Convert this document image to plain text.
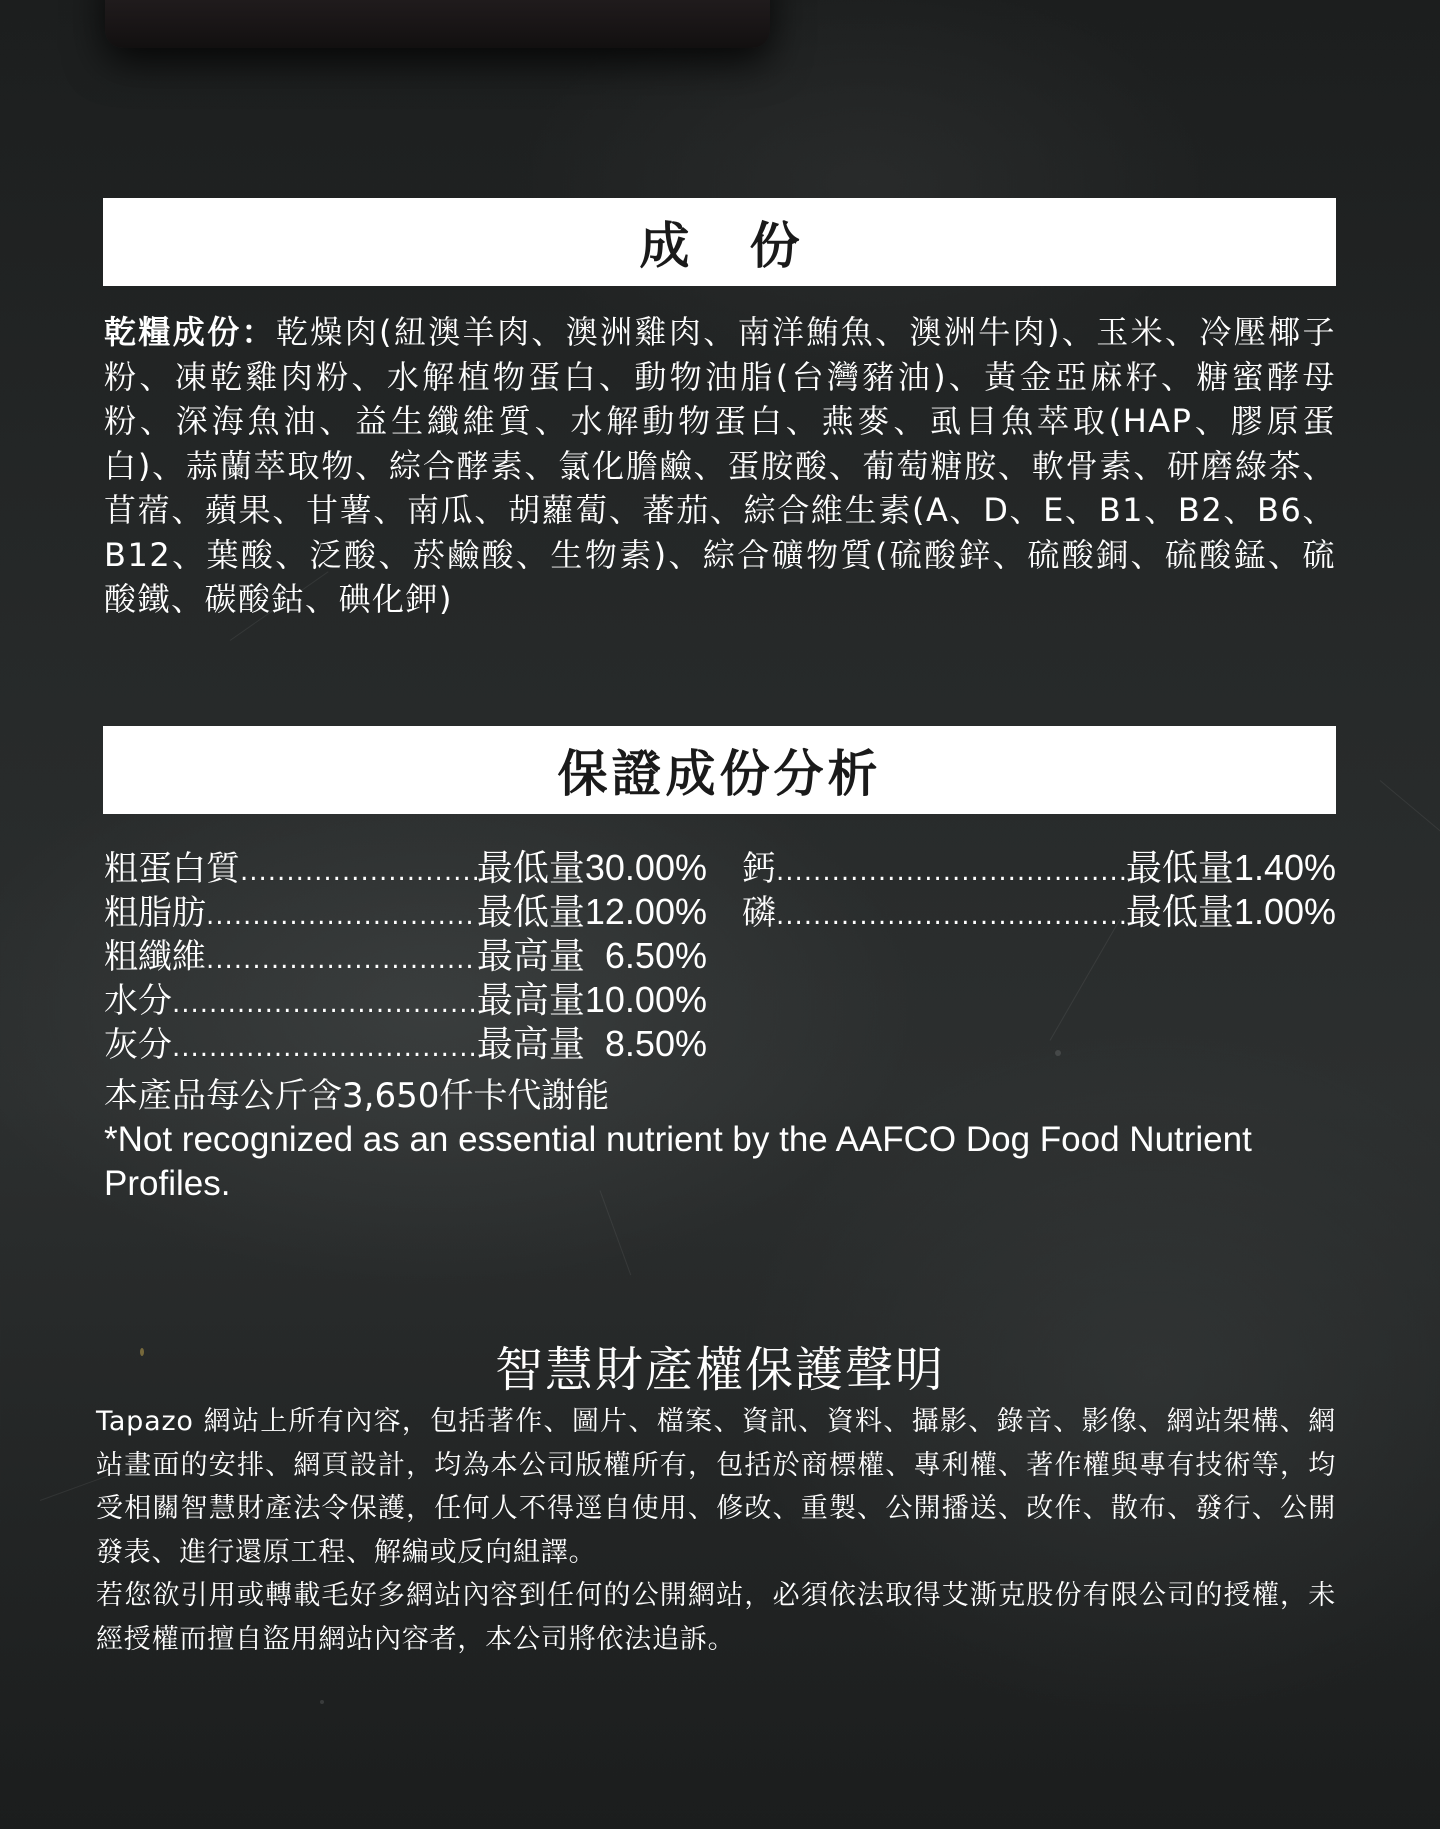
成份
乾糧成份：乾燥肉(紐澳羊肉、澳洲雞肉、南洋鮪魚、澳洲牛肉)、玉米、冷壓椰子粉、凍乾雞肉粉、水解植物蛋白、動物油脂(台灣豬油)、黃金亞麻籽、糖蜜酵母粉、深海魚油、益生纖維質、水解動物蛋白、燕麥、虱目魚萃取(HAP、膠原蛋白)、蒜蘭萃取物、綜合酵素、氯化膽鹼、蛋胺酸、葡萄糖胺、軟骨素、研磨綠茶、苜蓿、蘋果、甘薯、南瓜、胡蘿蔔、蕃茄、綜合維生素(A、D、E、B1、B2、B6、B12、葉酸、泛酸、菸鹼酸、生物素)、綜合礦物質(硫酸鋅、硫酸銅、硫酸錳、硫酸鐵、碳酸鈷、碘化鉀)
保證成份分析
粗蛋白質 .....	最低量30.00%
粗脂肪 .....	最低量12.00%
粗纖維 .....	最高量  6.50%
水分 .....	最高量10.00%
灰分 .....	最高量  8.50%
鈣 .....	最低量1.40%
磷 .....	最低量1.00%
本產品每公斤含3,650仟卡代謝能
*Not recognized as an essential nutrient by the AAFCO Dog Food Nutrient Profiles.
智慧財產權保護聲明

Tapazo 網站上所有內容，包括著作、圖片、檔案、資訊、資料、攝影、錄音、影像、網站架構、網站畫面的安排、網頁設計，均為本公司版權所有，包括於商標權、專利權、著作權與專有技術等，均受相關智慧財產法令保護，任何人不得逕自使用、修改、重製、公開播送、改作、散布、發行、公開發表、進行還原工程、解編或反向組譯。

若您欲引用或轉載毛好多網站內容到任何的公開網站，必須依法取得艾澌克股份有限公司的授權，未經授權而擅自盜用網站內容者，本公司將依法追訴。
